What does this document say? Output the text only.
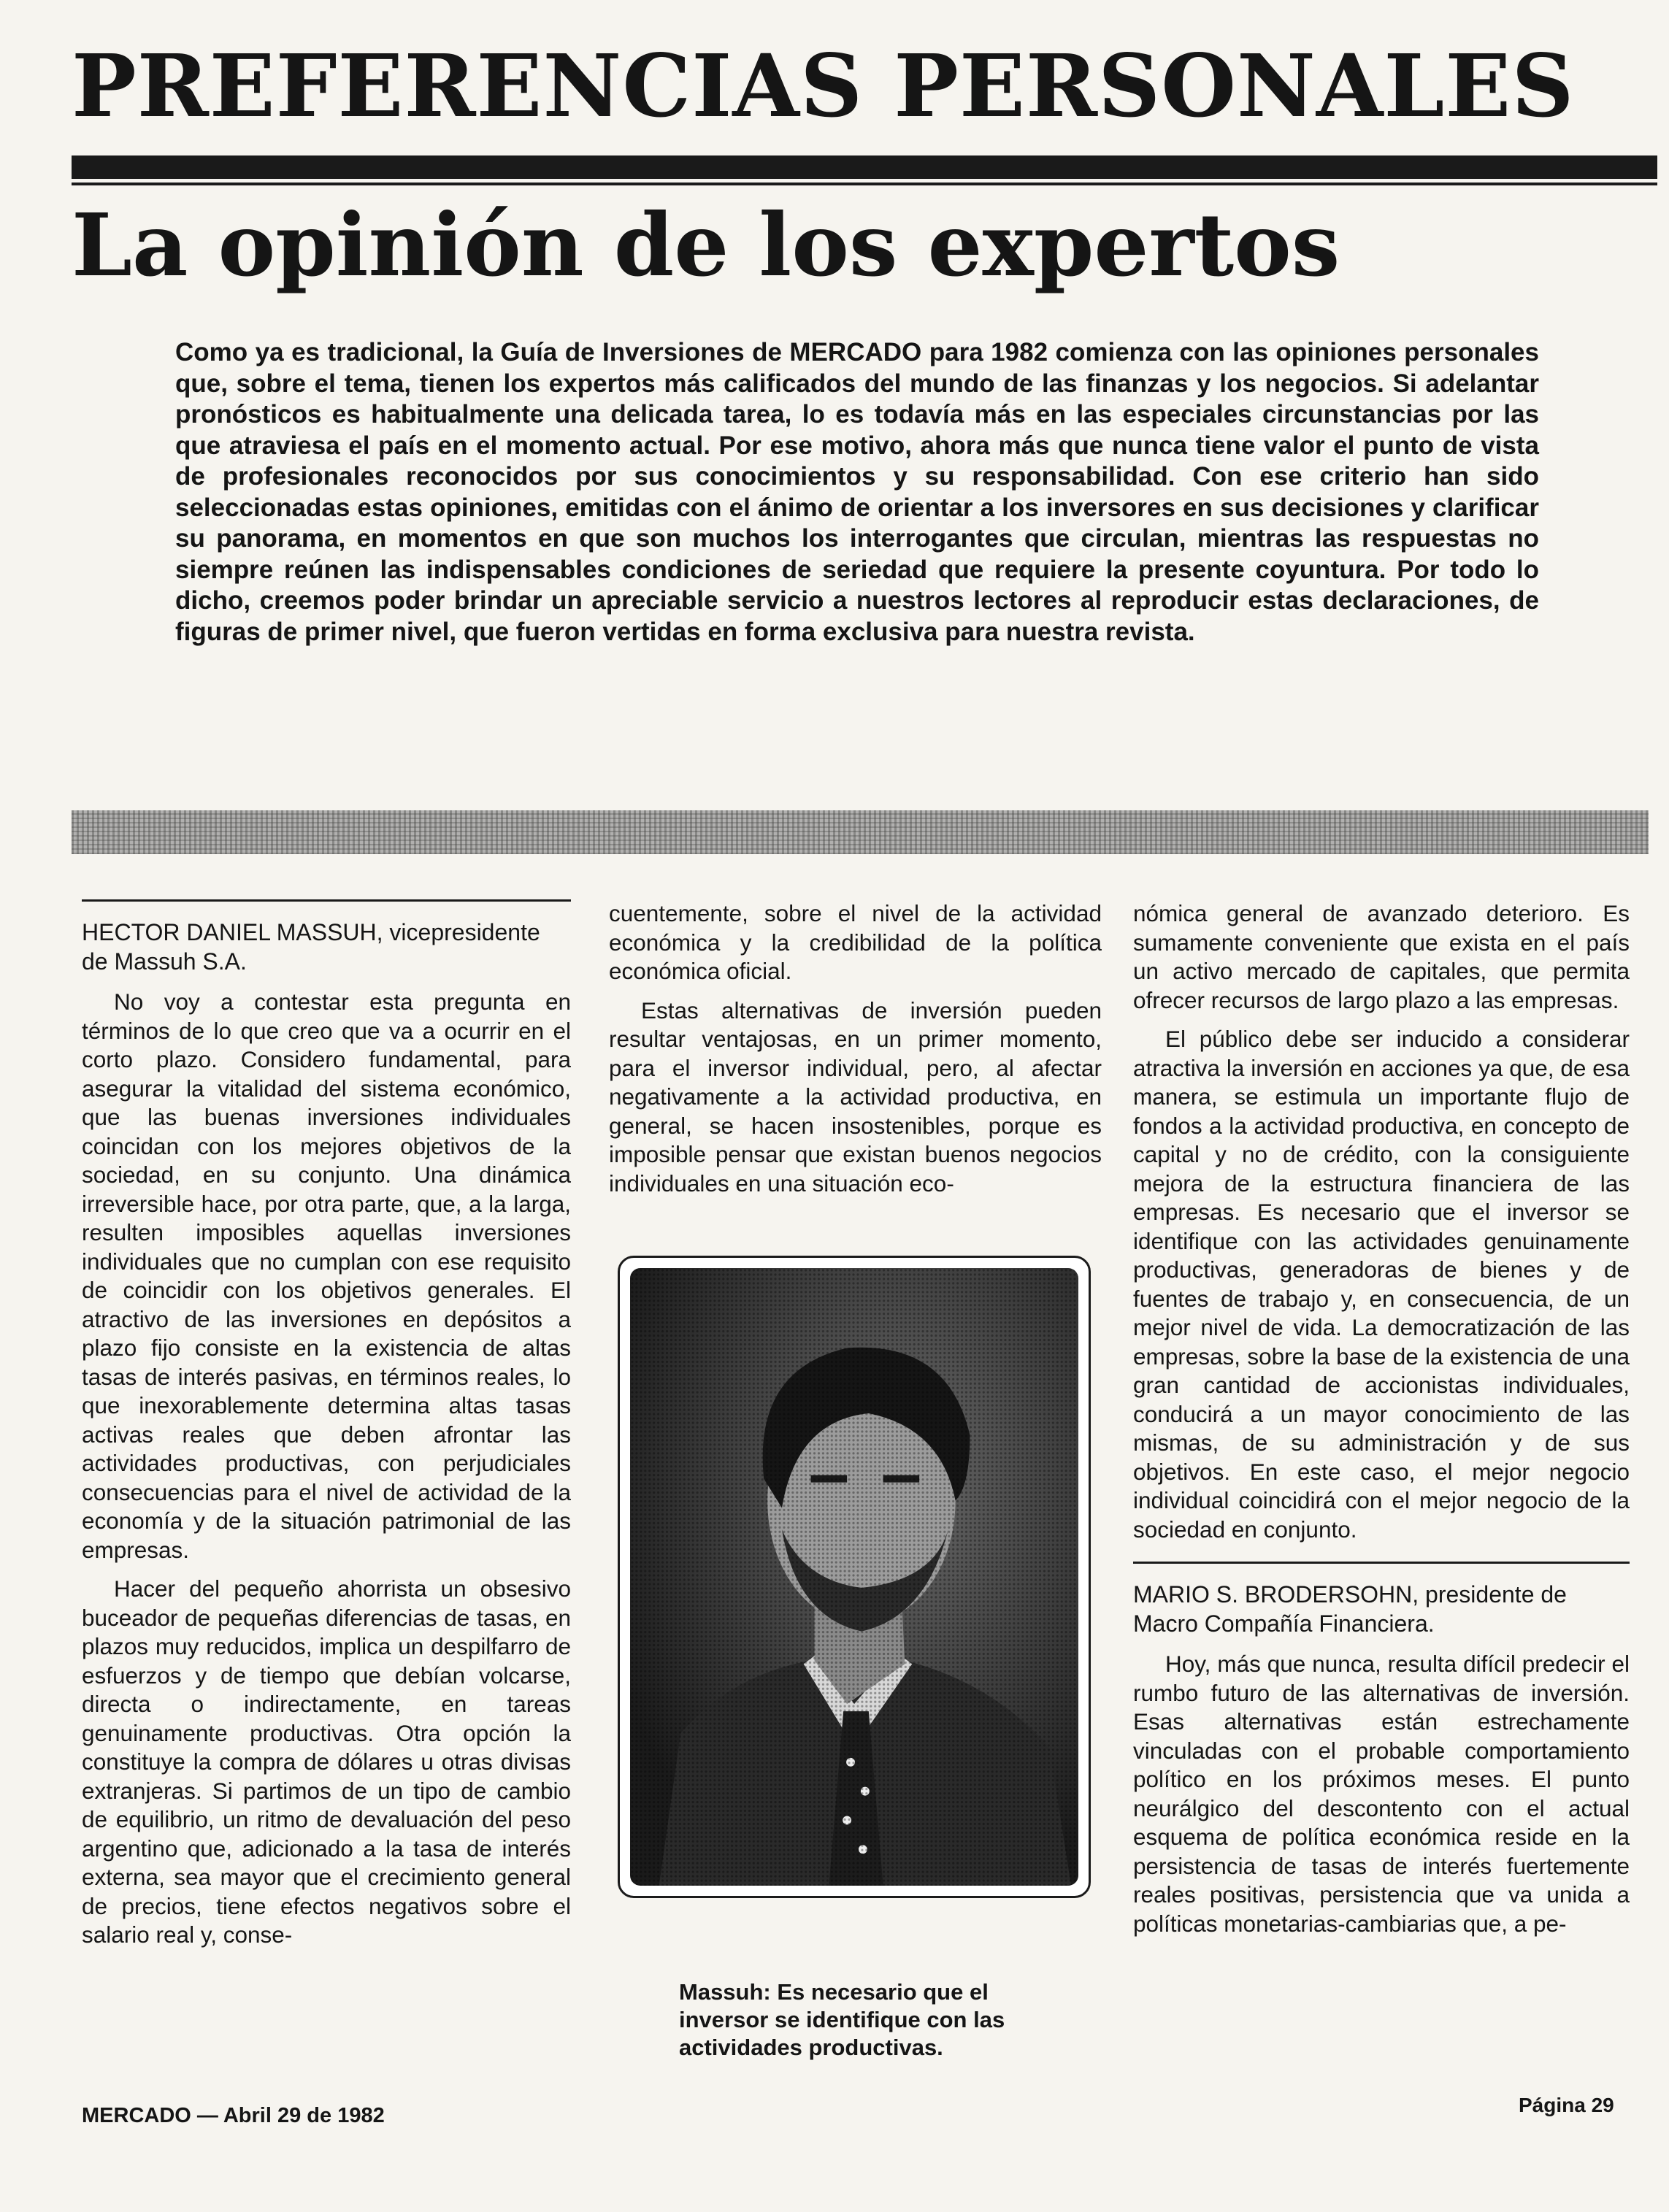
PREFERENCIAS PERSONALES
La opinión de los expertos
Como ya es tradicional, la Guía de Inversiones de MERCADO para 1982 comienza con las opiniones personales que, sobre el tema, tienen los expertos más calificados del mundo de las finanzas y los negocios. Si adelantar pronósticos es habitualmente una delicada tarea, lo es todavía más en las especiales circunstancias por las que atraviesa el país en el momento actual. Por ese motivo, ahora más que nunca tiene valor el punto de vista de profesionales reconocidos por sus conocimientos y su responsabilidad. Con ese criterio han sido seleccionadas estas opiniones, emitidas con el ánimo de orientar a los inversores en sus decisiones y clarificar su panorama, en momentos en que son muchos los interrogantes que circulan, mientras las respuestas no siempre reúnen las indispensables condiciones de seriedad que requiere la presente coyuntura. Por todo lo dicho, creemos poder brindar un apreciable servicio a nuestros lectores al reproducir estas declaraciones, de figuras de primer nivel, que fueron vertidas en forma exclusiva para nuestra revista.
HECTOR DANIEL MASSUH, vicepresidente de Massuh S.A.

No voy a contestar esta pregunta en términos de lo que creo que va a ocurrir en el corto plazo. Considero fundamental, para asegurar la vitalidad del sistema económico, que las buenas inversiones individuales coincidan con los mejores objetivos de la sociedad, en su conjunto. Una dinámica irreversible hace, por otra parte, que, a la larga, resulten imposibles aquellas inversiones individuales que no cumplan con ese requisito de coincidir con los objetivos generales. El atractivo de las inversiones en depósitos a plazo fijo consiste en la existencia de altas tasas de interés pasivas, en términos reales, lo que inexorablemente determina altas tasas activas reales que deben afrontar las actividades productivas, con perjudiciales consecuencias para el nivel de actividad de la economía y de la situación patrimonial de las empresas.

Hacer del pequeño ahorrista un obsesivo buceador de pequeñas diferencias de tasas, en plazos muy reducidos, implica un despilfarro de esfuerzos y de tiempo que debían volcarse, directa o indirectamente, en tareas genuinamente productivas. Otra opción la constituye la compra de dólares u otras divisas extranjeras. Si partimos de un tipo de cambio de equilibrio, un ritmo de devaluación del peso argentino que, adicionado a la tasa de interés externa, sea mayor que el crecimiento general de precios, tiene efectos negativos sobre el salario real y, conse-

cuentemente, sobre el nivel de la actividad económica y la credibilidad de la política económica oficial.

Estas alternativas de inversión pueden resultar ventajosas, en un primer momento, para el inversor individual, pero, al afectar negativamente a la actividad productiva, en general, se hacen insostenibles, porque es imposible pensar que existan buenos negocios individuales en una situación eco-

Massuh: Es necesario que el inversor se identifique con las actividades productivas.

nómica general de avanzado deterioro. Es sumamente conveniente que exista en el país un activo mercado de capitales, que permita ofrecer recursos de largo plazo a las empresas.

El público debe ser inducido a considerar atractiva la inversión en acciones ya que, de esa manera, se estimula un importante flujo de fondos a la actividad productiva, en concepto de capital y no de crédito, con la consiguiente mejora de la estructura financiera de las empresas. Es necesario que el inversor se identifique con las actividades genuinamente productivas, generadoras de bienes y de fuentes de trabajo y, en consecuencia, de un mejor nivel de vida. La democratización de las empresas, sobre la base de la existencia de una gran cantidad de accionistas individuales, conducirá a un mayor conocimiento de las mismas, de su administración y de sus objetivos. En este caso, el mejor negocio individual coincidirá con el mejor negocio de la sociedad en conjunto.

MARIO S. BRODERSOHN, presidente de Macro Compañía Financiera.

Hoy, más que nunca, resulta difícil predecir el rumbo futuro de las alternativas de inversión. Esas alternativas están estrechamente vinculadas con el probable comportamiento político en los próximos meses. El punto neurálgico del descontento con el actual esquema de política económica reside en la persistencia de tasas de interés fuertemente reales positivas, persistencia que va unida a políticas monetarias-cambiarias que, a pe-

MERCADO — Abril 29 de 1982	Página 29
